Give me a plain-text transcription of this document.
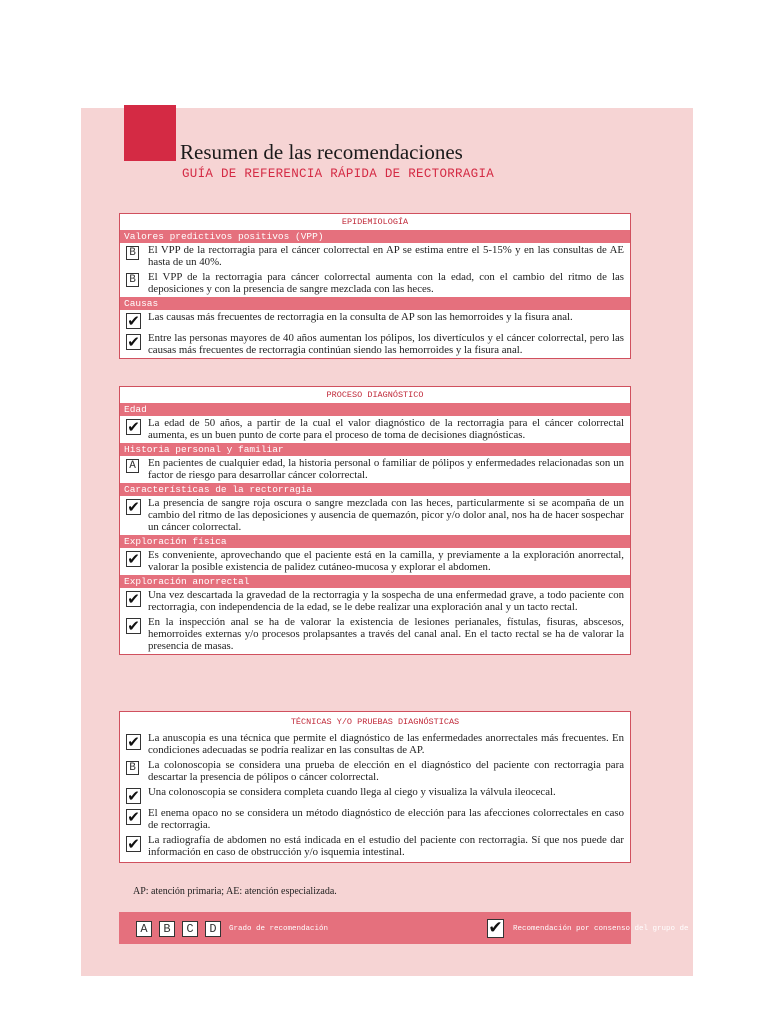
Resumen de las recomendaciones
GUÍA DE REFERENCIA RÁPIDA DE RECTORRAGIA
EPIDEMIOLOGÍA
Valores predictivos positivos (VPP)
B El VPP de la rectorragia para el cáncer colorrectal en AP se estima entre el 5-15% y en las consultas de AE hasta de un 40%.
B El VPP de la rectorragia para cáncer colorrectal aumenta con la edad, con el cambio del ritmo de las deposiciones y con la presencia de sangre mezclada con las heces.
Causas
✔ Las causas más frecuentes de rectorragia en la consulta de AP son las hemorroides y la fisura anal.
✔ Entre las personas mayores de 40 años aumentan los pólipos, los divertículos y el cáncer colorrectal, pero las causas más frecuentes de rectorragia continúan siendo las hemorroides y la fisura anal.
PROCESO DIAGNÓSTICO
Edad
✔ La edad de 50 años, a partir de la cual el valor diagnóstico de la rectorragia para el cáncer colorrectal aumenta, es un buen punto de corte para el proceso de toma de decisiones diagnósticas.
Historia personal y familiar
A En pacientes de cualquier edad, la historia personal o familiar de pólipos y enfermedades relacionadas son un factor de riesgo para desarrollar cáncer colorrectal.
Características de la rectorragia
✔ La presencia de sangre roja oscura o sangre mezclada con las heces, particularmente si se acompaña de un cambio del ritmo de las deposiciones y ausencia de quemazón, picor y/o dolor anal, nos ha de hacer sospechar un cáncer colorrectal.
Exploración física
✔ Es conveniente, aprovechando que el paciente está en la camilla, y previamente a la exploración anorrectal, valorar la posible existencia de palidez cutáneo-mucosa y explorar el abdomen.
Exploración anorrectal
✔ Una vez descartada la gravedad de la rectorragia y la sospecha de una enfermedad grave, a todo paciente con rectorragia, con independencia de la edad, se le debe realizar una exploración anal y un tacto rectal.
✔ En la inspección anal se ha de valorar la existencia de lesiones perianales, fístulas, fisuras, abscesos, hemorroides externas y/o procesos prolapsantes a través del canal anal. En el tacto rectal se ha de valorar la presencia de masas.
TÉCNICAS Y/O PRUEBAS DIAGNÓSTICAS
✔ La anuscopia es una técnica que permite el diagnóstico de las enfermedades anorrectales más frecuentes. En condiciones adecuadas se podría realizar en las consultas de AP.
B La colonoscopia se considera una prueba de elección en el diagnóstico del paciente con rectorragia para descartar la presencia de pólipos o cáncer colorrectal.
✔ Una colonoscopia se considera completa cuando llega al ciego y visualiza la válvula ileocecal.
✔ El enema opaco no se considera un método diagnóstico de elección para las afecciones colorrectales en caso de rectorragia.
✔ La radiografía de abdomen no está indicada en el estudio del paciente con rectorragia. Sí que nos puede dar información en caso de obstrucción y/o isquemia intestinal.
AP: atención primaria; AE: atención especializada.
A	B	C	D	Grado de recomendación	✔ Recomendación por consenso del grupo de trabajo
